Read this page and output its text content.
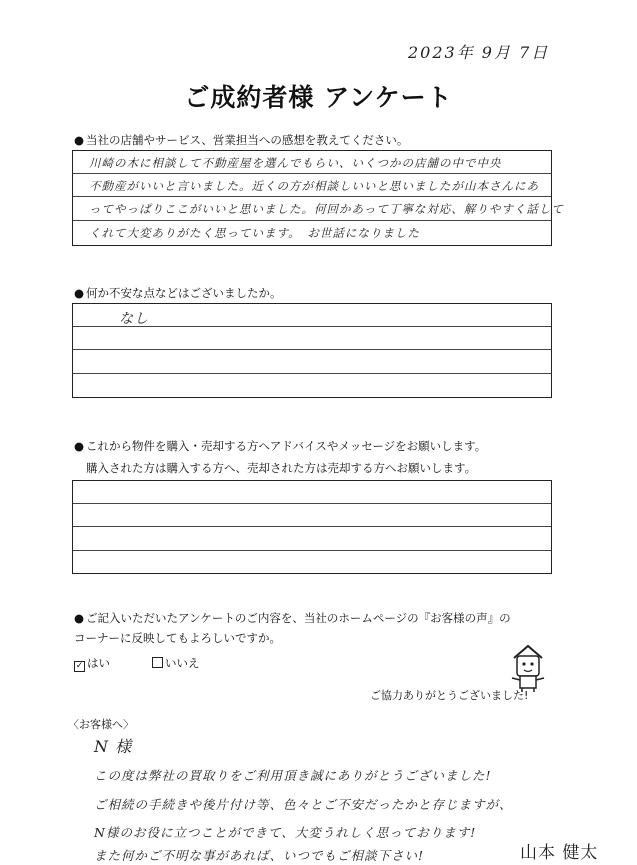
2023年 9月 7日
ご成約者様 アンケート
● 当社の店舗やサービス、営業担当への感想を教えてください。
川崎の木に相談して不動産屋を選んでもらい、いくつかの店舗の中で中央
不動産がいいと言いました。近くの方が相談しいいと思いましたが山本さんにあ
ってやっぱりここがいいと思いました。何回かあって丁寧な対応、解りやすく話して
くれて大変ありがたく思っています。　お世話になりました
● 何か不安な点などはございましたか。
なし
● これから物件を購入・売却する方へアドバイスやメッセージをお願いします。
購入された方は購入する方へ、売却された方は売却する方へお願いします。
● ご記入いただいたアンケートのご内容を、当社のホームページの『お客様の声』の
コーナーに反映してもよろしいですか。
✓ はい	いいえ
ご協力ありがとうございました!
〈お客様へ〉
N 様
この度は弊社の買取りをご利用頂き誠にありがとうございました!
ご相続の手続きや後片付け等、色々とご不安だったかと存じますが、
N様のお役に立つことができて、大変うれしく思っております!
また何かご不明な事があれば、いつでもご相談下さい!	山本 健太
